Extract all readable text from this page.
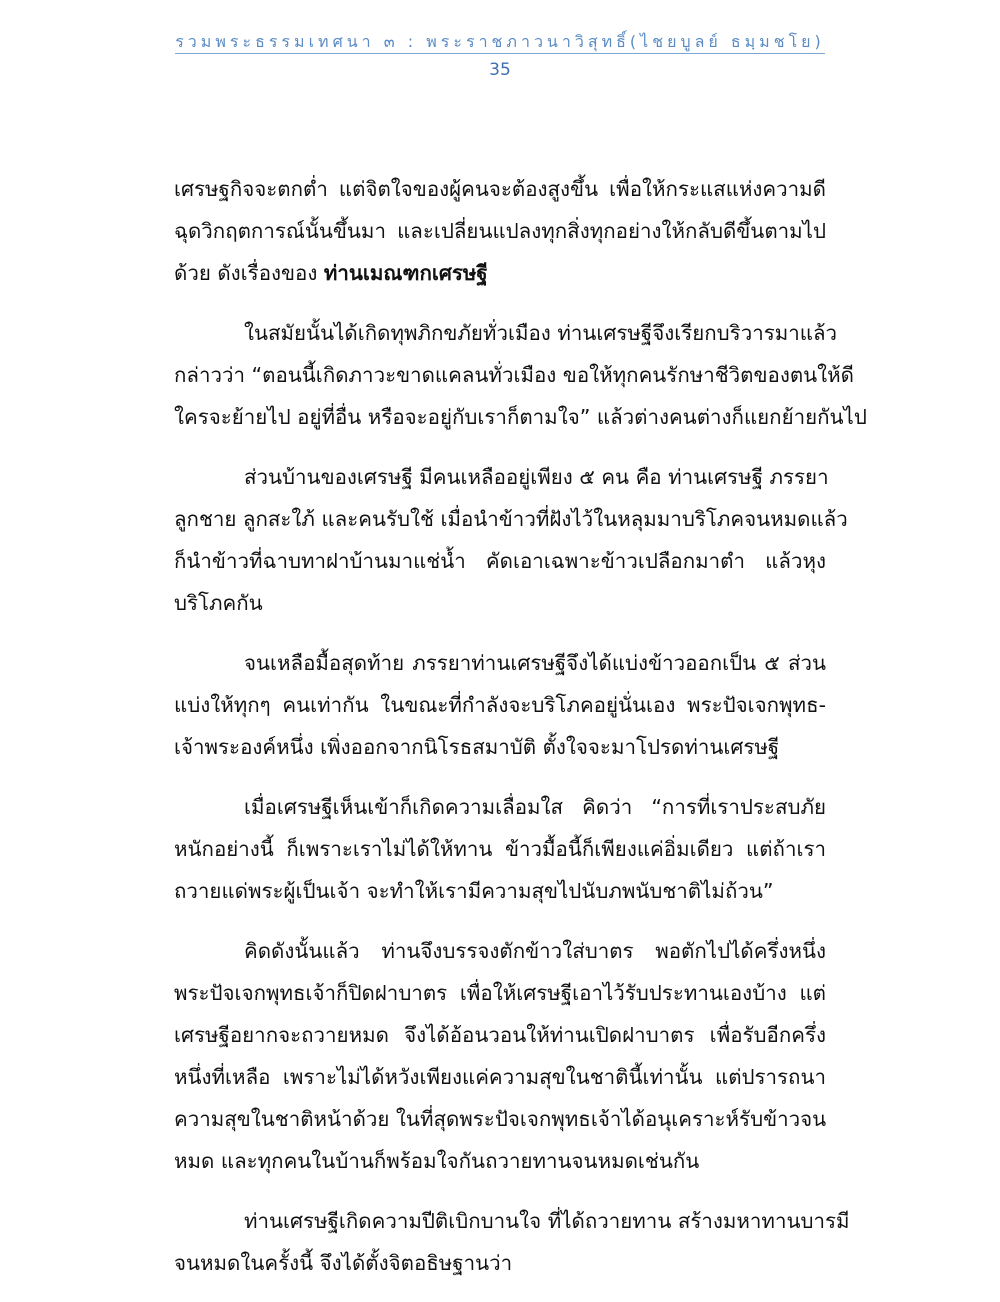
รวมพระธรรมเทศนา ๓ : พระราชภาวนาวิสุทธิ์(ไชยบูลย์ ธมฺมชโย)
35
เศรษฐกิจจะตกต่ำ แต่จิตใจของผู้คนจะต้องสูงขึ้น เพื่อให้กระแสแห่งความดี
ฉุดวิกฤตการณ์นั้นขึ้นมา และเปลี่ยนแปลงทุกสิ่งทุกอย่างให้กลับดีขึ้นตามไป
ด้วย ดังเรื่องของ ท่านเมณฑกเศรษฐี
ในสมัยนั้นได้เกิดทุพภิกขภัยทั่วเมือง ท่านเศรษฐีจึงเรียกบริวารมาแล้ว
กล่าวว่า “ตอนนี้เกิดภาวะขาดแคลนทั่วเมือง ขอให้ทุกคนรักษาชีวิตของตนให้ดี
ใครจะย้ายไป อยู่ที่อื่น หรือจะอยู่กับเราก็ตามใจ” แล้วต่างคนต่างก็แยกย้ายกันไป
ส่วนบ้านของเศรษฐี มีคนเหลืออยู่เพียง ๕ คน คือ ท่านเศรษฐี ภรรยา
ลูกชาย ลูกสะใภ้ และคนรับใช้ เมื่อนำข้าวที่ฝังไว้ในหลุมมาบริโภคจนหมดแล้ว
ก็นำข้าวที่ฉาบทาฝาบ้านมาแช่น้ำ คัดเอาเฉพาะข้าวเปลือกมาตำ แล้วหุง
บริโภคกัน
จนเหลือมื้อสุดท้าย ภรรยาท่านเศรษฐีจึงได้แบ่งข้าวออกเป็น ๕ ส่วน
แบ่งให้ทุกๆ คนเท่ากัน ในขณะที่กำลังจะบริโภคอยู่นั่นเอง พระปัจเจกพุทธ-
เจ้าพระองค์หนึ่ง เพิ่งออกจากนิโรธสมาบัติ ตั้งใจจะมาโปรดท่านเศรษฐี
เมื่อเศรษฐีเห็นเข้าก็เกิดความเลื่อมใส คิดว่า “การที่เราประสบภัย
หนักอย่างนี้ ก็เพราะเราไม่ได้ให้ทาน ข้าวมื้อนี้ก็เพียงแค่อิ่มเดียว แต่ถ้าเรา
ถวายแด่พระผู้เป็นเจ้า จะทำให้เรามีความสุขไปนับภพนับชาติไม่ถ้วน”
คิดดังนั้นแล้ว ท่านจึงบรรจงตักข้าวใส่บาตร พอตักไปได้ครึ่งหนึ่ง
พระปัจเจกพุทธเจ้าก็ปิดฝาบาตร เพื่อให้เศรษฐีเอาไว้รับประทานเองบ้าง แต่
เศรษฐีอยากจะถวายหมด จึงได้อ้อนวอนให้ท่านเปิดฝาบาตร เพื่อรับอีกครึ่ง
หนึ่งที่เหลือ เพราะไม่ได้หวังเพียงแค่ความสุขในชาตินี้เท่านั้น แต่ปรารถนา
ความสุขในชาติหน้าด้วย ในที่สุดพระปัจเจกพุทธเจ้าได้อนุเคราะห์รับข้าวจน
หมด และทุกคนในบ้านก็พร้อมใจกันถวายทานจนหมดเช่นกัน
ท่านเศรษฐีเกิดความปีติเบิกบานใจ ที่ได้ถวายทาน สร้างมหาทานบารมี
จนหมดในครั้งนี้ จึงได้ตั้งจิตอธิษฐานว่า
